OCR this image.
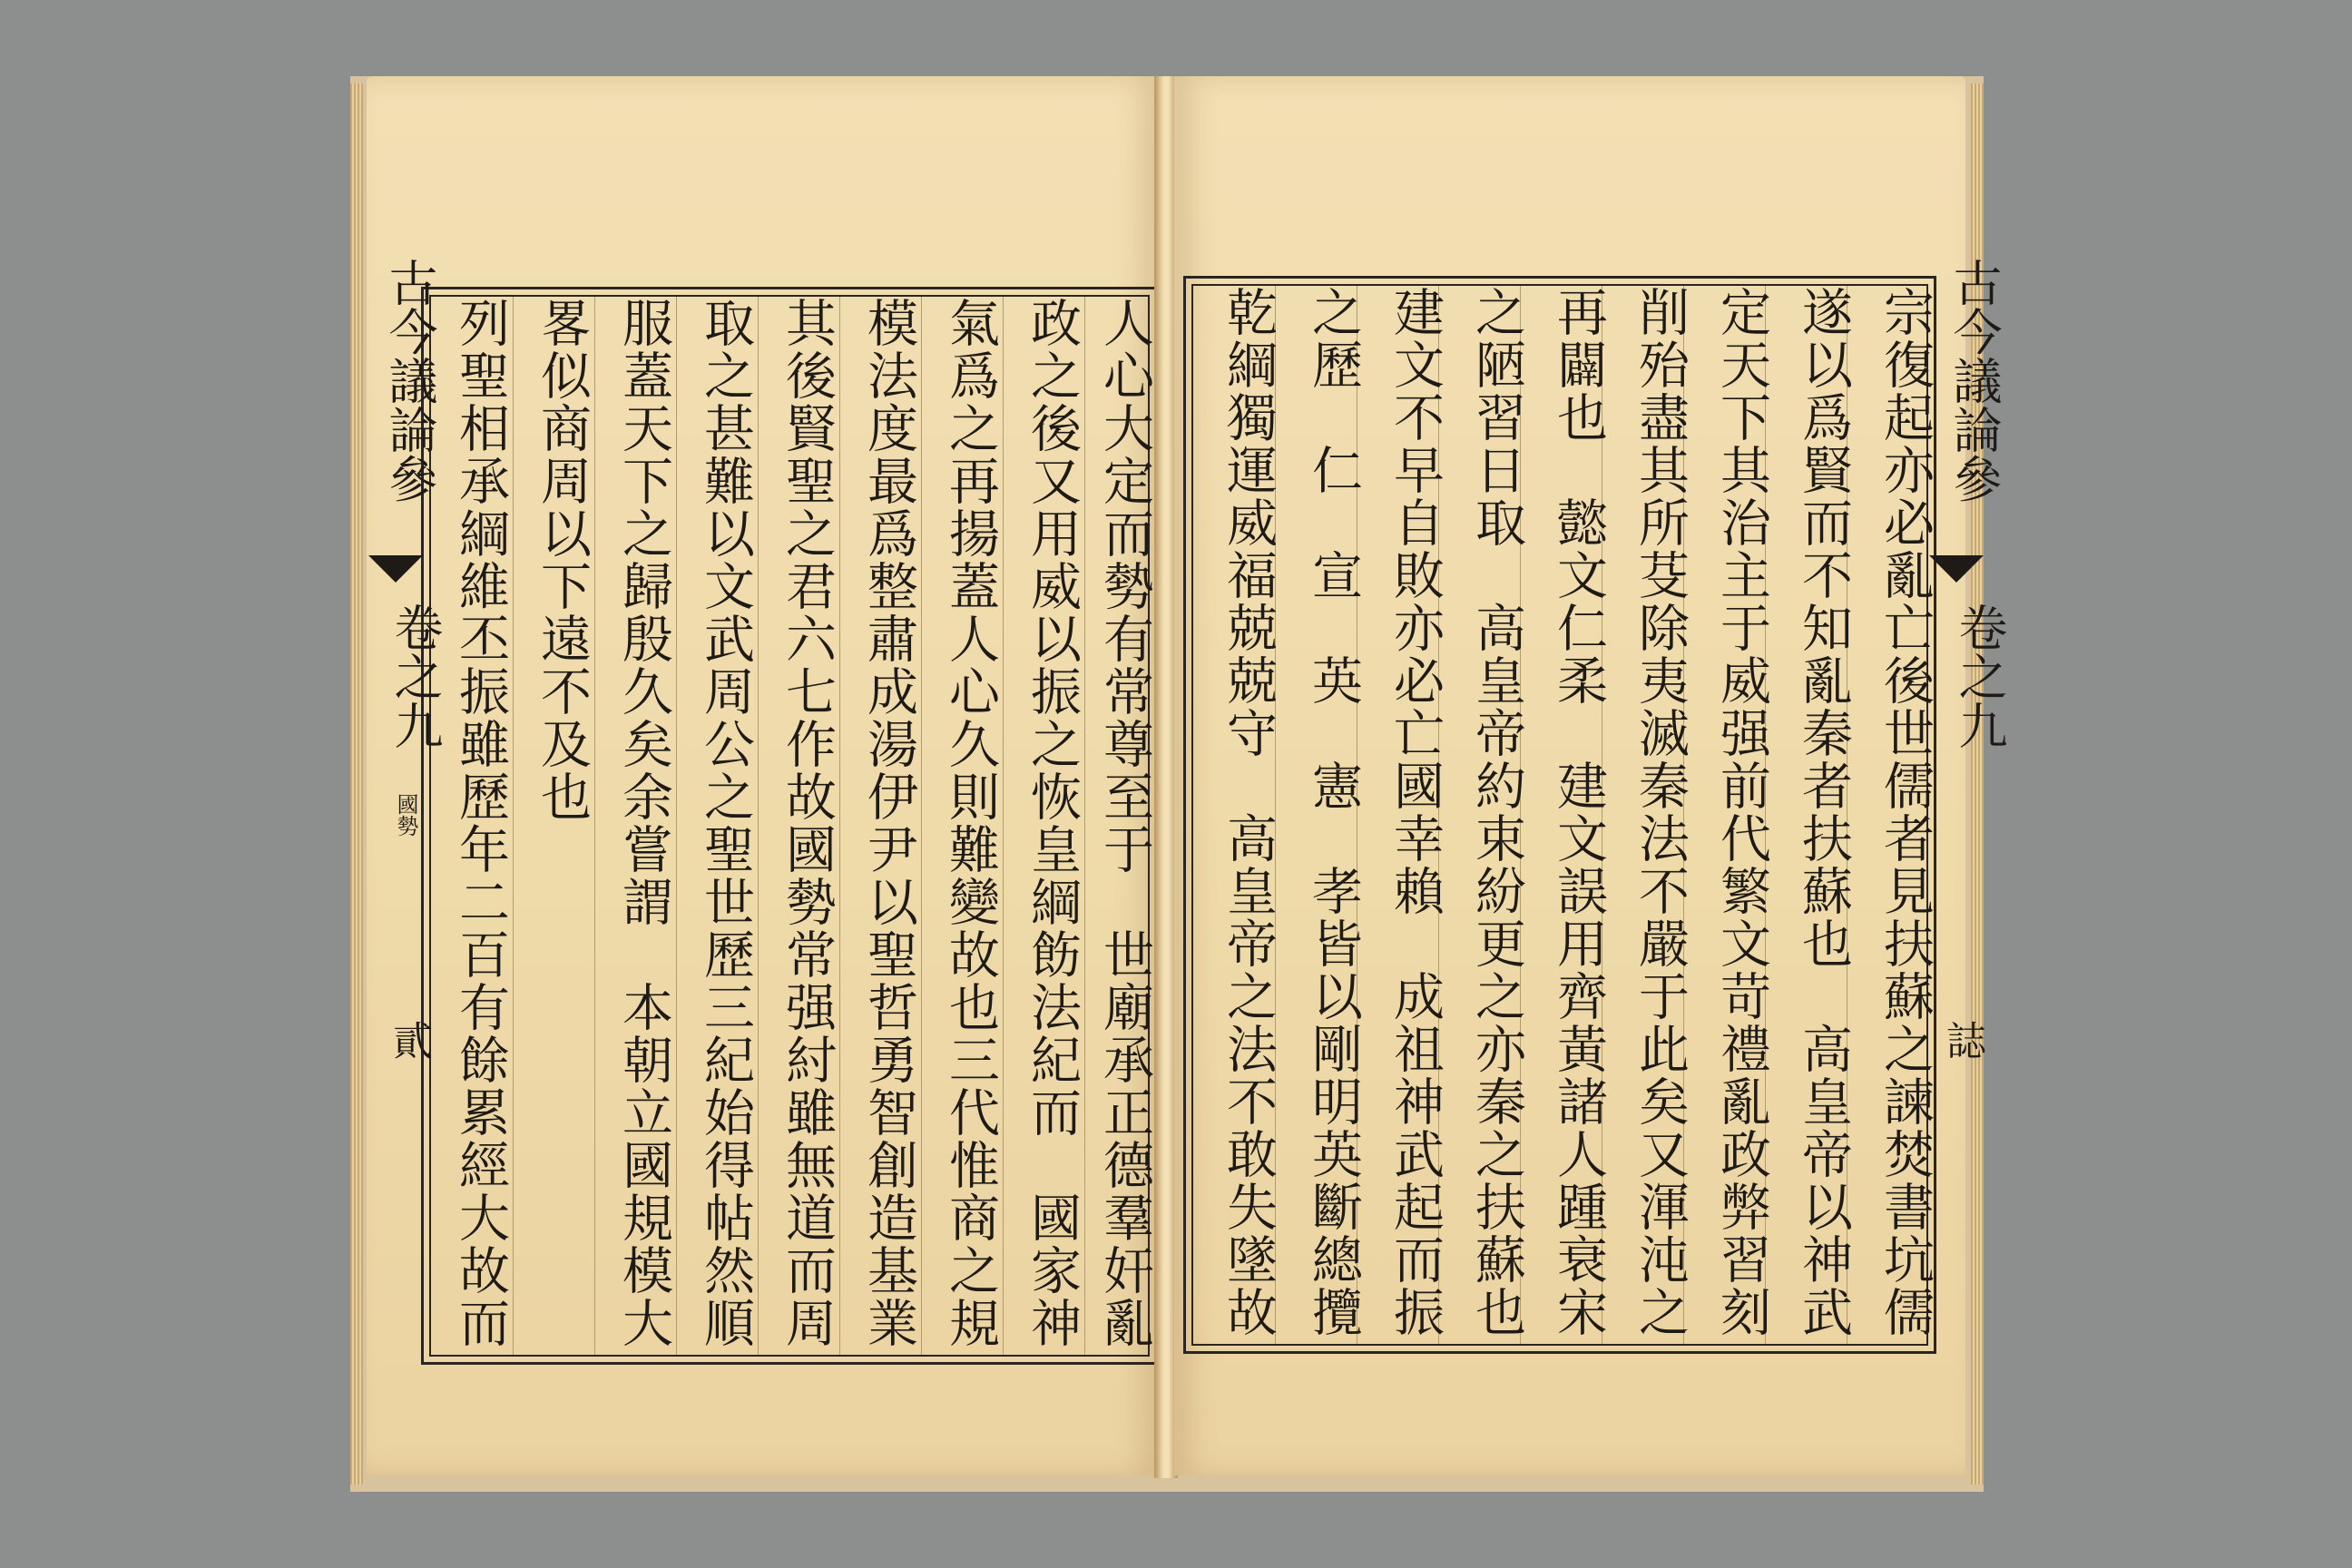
列聖相承綱維丕振雖歷年二百有餘累經大故而 畧似商周以下遠不及也 服蓋天下之歸殷久矣余嘗謂　本朝立國規模大 取之甚難以文武周公之聖世歷三紀始得帖然順 其後賢聖之君六七作故國勢常强紂雖無道而周 模法度最爲整肅成湯伊尹以聖哲勇智創造基業 氣爲之再揚蓋人心久則難變故也三代惟商之規 政之後又用威以振之恢皇綱飭法紀而　國家神 人心大定而勢有常尊至于　世廟承正德羣奸亂
古今議論參
卷之九
國勢
貳	宗復起亦必亂亡後世儒者見扶蘇之諫焚書坑儒
遂以爲賢而不知亂秦者扶蘇也　高皇帝以神武
定天下其治主于威强前代繁文苛禮亂政弊習刻
削殆盡其所芟除夷滅秦法不嚴于此矣又渾沌之
再闢也　懿文仁柔　建文誤用齊黃諸人踵衰宋
之陋習日取　高皇帝約束紛更之亦秦之扶蘇也
建文不早自敗亦必亡國幸賴　成祖神武起而振
之歷　仁　宣　英　憲　孝皆以剛明英斷總攬
乾綱獨運威福兢兢守　高皇帝之法不敢失墜故	古今議論參
卷之九
誌
